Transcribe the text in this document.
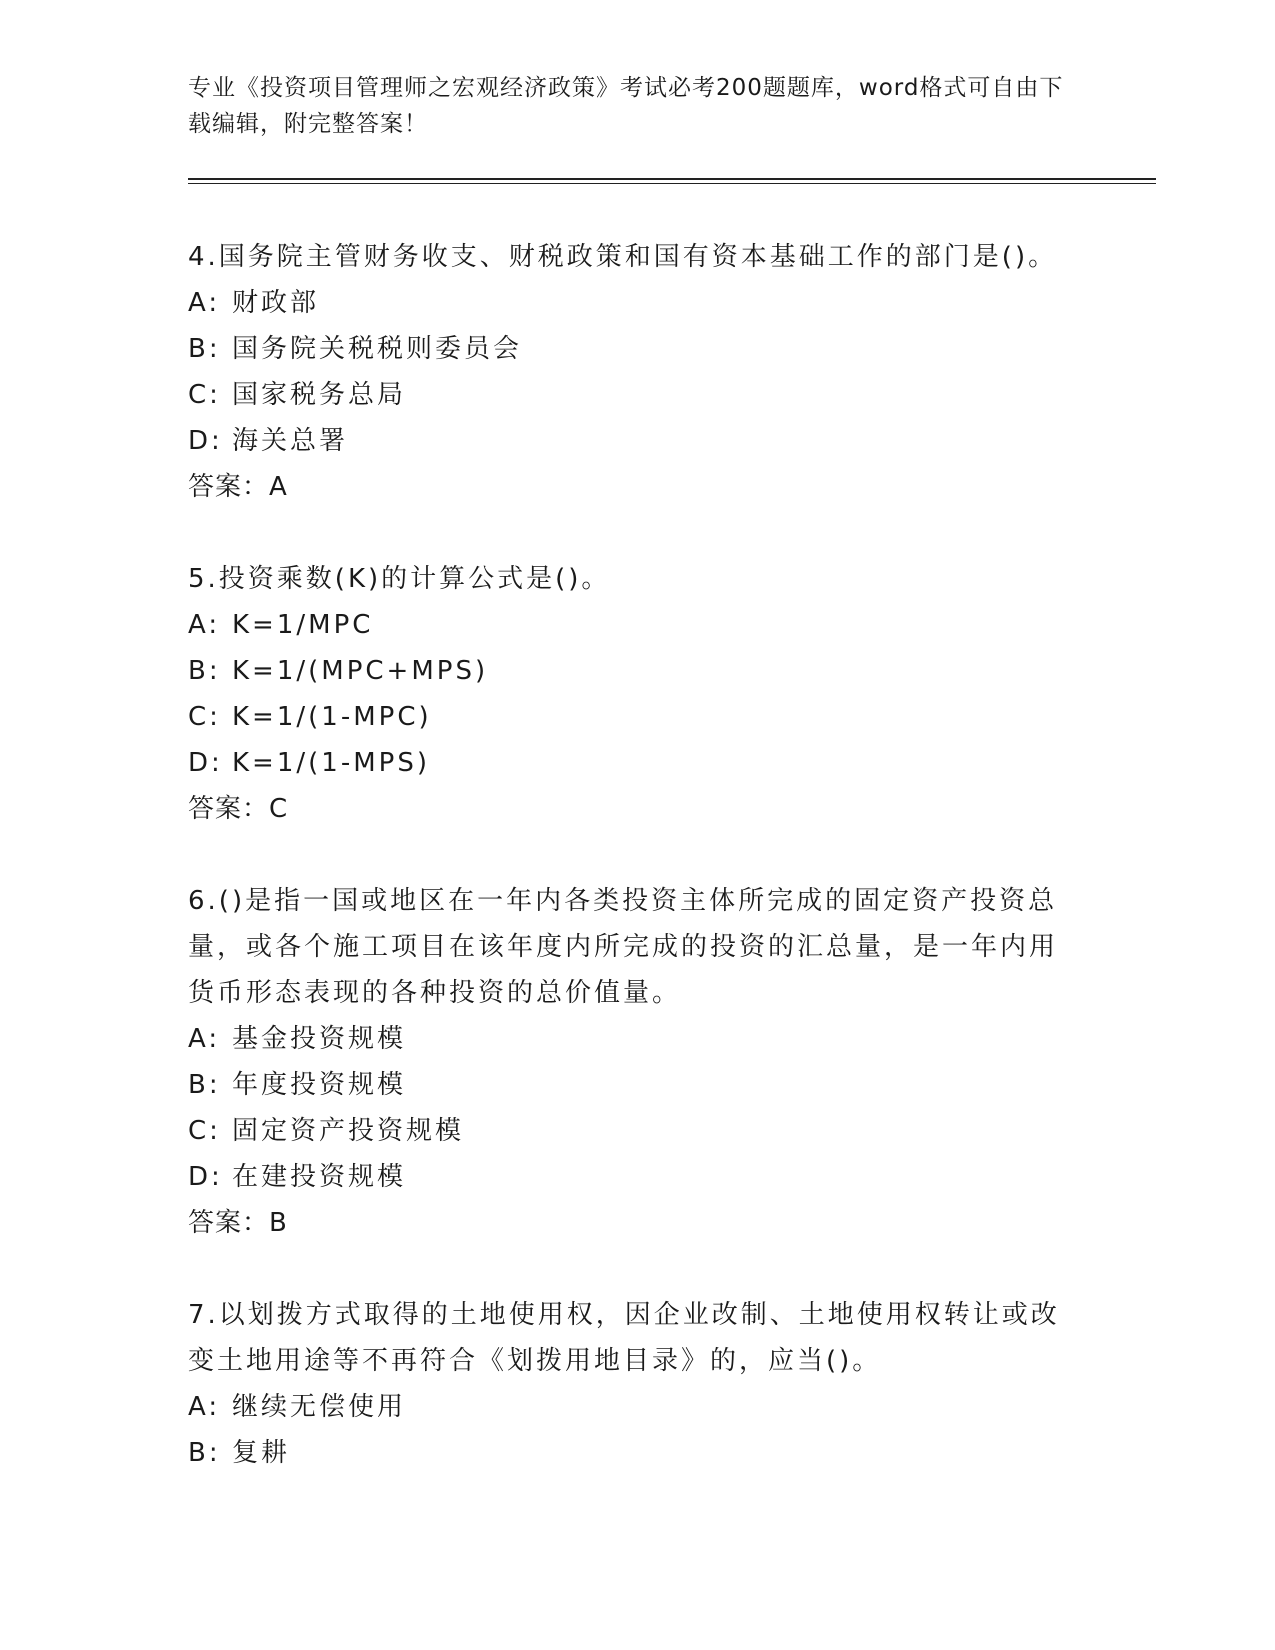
专业《投资项目管理师之宏观经济政策》考试必考200题题库，word格式可自由下载编辑，附完整答案！

4.国务院主管财务收支、财税政策和国有资本基础工作的部门是()。

A: 财政部

B: 国务院关税税则委员会

C: 国家税务总局

D: 海关总署

答案：A

5.投资乘数(K)的计算公式是()。

A: K=1/MPC

B: K=1/(MPC+MPS)

C: K=1/(1-MPC)

D: K=1/(1-MPS)

答案：C

6.()是指一国或地区在一年内各类投资主体所完成的固定资产投资总量，或各个施工项目在该年度内所完成的投资的汇总量，是一年内用货币形态表现的各种投资的总价值量。

A: 基金投资规模

B: 年度投资规模

C: 固定资产投资规模

D: 在建投资规模

答案：B

7.以划拨方式取得的土地使用权，因企业改制、土地使用权转让或改变土地用途等不再符合《划拨用地目录》的，应当()。

A: 继续无偿使用

B: 复耕
